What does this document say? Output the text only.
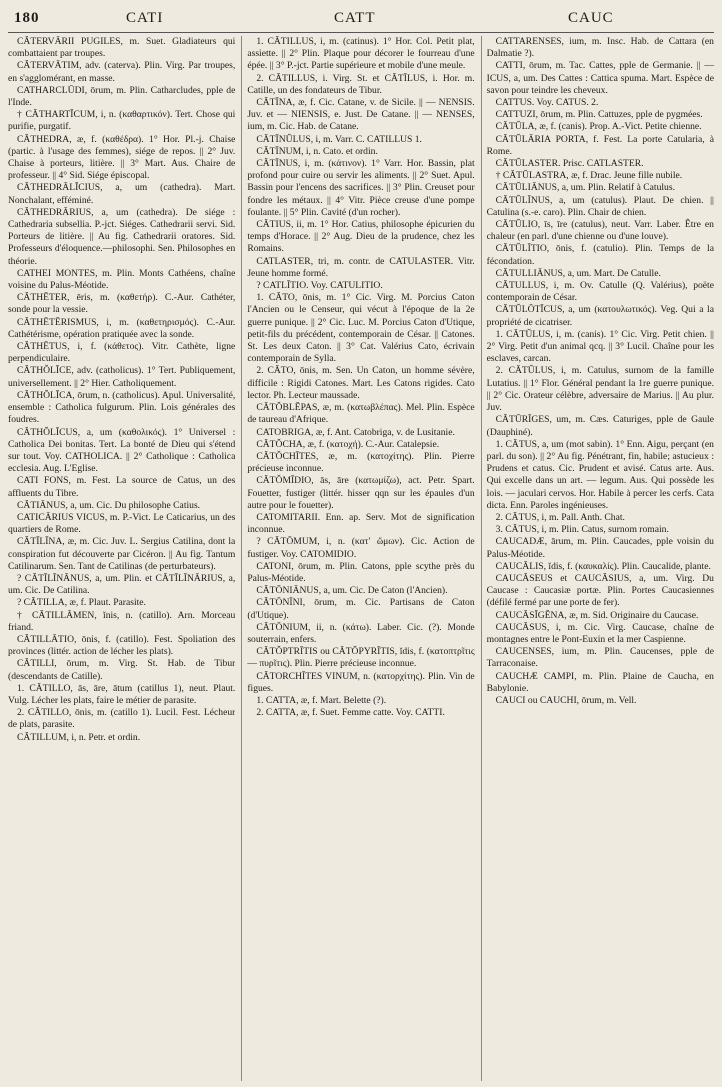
180	CATI	CATT	CAUC

CĂTERVĀRII PUGILES, m. Suet. Gladiateurs qui combattaient par troupes.

CĂTERVĀTIM, adv. (caterva). Plin. Virg. Par troupes, en s'agglomérant, en masse.

CATHARCLŪDI, ōrum, m. Plin. Catharcludes, pple de l'Inde.

† CĂTHARTĬCUM, i, n. (καθαρτικόν). Tert. Chose qui purifie, purgatif.

CĂTHEDRA, æ, f. (καθέδρα). 1° Hor. Pl.-j. Chaise (partic. à l'usage des femmes), siége de repos. || 2° Juv. Chaise à porteurs, litière. || 3° Mart. Aus. Chaire de professeur. || 4° Sid. Siége épiscopal.

CĂTHEDRĀLĬCIUS, a, um (cathedra). Mart. Nonchalant, efféminé.

CĂTHEDRĀRIUS, a, um (cathedra). De siége : Cathedraria subsellia. P.-jct. Siéges. Cathedrarii servi. Sid. Porteurs de litière. || Au fig. Cathedrarii oratores. Sid. Professeurs d'éloquence.—philosophi. Sen. Philosophes en théorie.

CATHEI MONTES, m. Plin. Monts Cathéens, chaîne voisine du Palus-Méotide.

CĂTHĒTER, ēris, m. (καθετήρ). C.-Aur. Cathéter, sonde pour la vessie.

CĂTHĒTĒRISMUS, i, m. (καθετηρισμός). C.-Aur. Cathétérisme, opération pratiquée avec la sonde.

CĂTHĒTUS, i, f. (κάθετος). Vitr. Cathète, ligne perpendiculaire.

CĂTHŎLĬCE, adv. (catholicus). 1° Tert. Publiquement, universellement. || 2° Hier. Catholiquement.

CĂTHŎLĬCA, ōrum, n. (catholicus). Apul. Universalité, ensemble : Catholica fulgurum. Plin. Lois générales des foudres.

CĂTHŎLĬCUS, a, um (καθολικός). 1° Universel : Catholica Dei bonitas. Tert. La bonté de Dieu qui s'étend sur tout. Voy. CATHOLICA. || 2° Catholique : Catholica ecclesia. Aug. L'Eglise.

CATI FONS, m. Fest. La source de Catus, un des affluents du Tibre.

CĂTIĀNUS, a, um. Cic. Du philosophe Catius.

CATICĀRIUS VICUS, m. P.-Vict. Le Caticarius, un des quartiers de Rome.

CĂTĪLĪNA, æ, m. Cic. Juv. L. Sergius Catilina, dont la conspiration fut découverte par Cicéron. || Au fig. Tantum Catilinarum. Sen. Tant de Catilinas (de perturbateurs).

? CĂTĪLĪNĀNUS, a, um. Plin. et CĂTĪLĪNĀRIUS, a, um. Cic. De Catilina.

? CĂTILLA, æ, f. Plaut. Parasite.

† CĂTILLĀMEN, ĭnis, n. (catillo). Arn. Morceau friand.

CĂTILLĀTIO, ōnis, f. (catillo). Fest. Spoliation des provinces (littér. action de lécher les plats).

CĂTILLI, ōrum, m. Virg. St. Hab. de Tibur (descendants de Catille).

1. CĂTILLO, ās, āre, ātum (catillus 1), neut. Plaut. Vulg. Lécher les plats, faire le métier de parasite.

2. CĂTILLO, ōnis, m. (catillo 1). Lucil. Fest. Lécheur de plats, parasite.

CĂTILLUM, i, n. Petr. et ordin.

1. CĂTILLUS, i, m. (catinus). 1° Hor. Col. Petit plat, assiette. || 2° Plin. Plaque pour décorer le fourreau d'une épée. || 3° P.-jct. Partie supérieure et mobile d'une meule.

2. CĂTILLUS, i. Virg. St. et CĂTĪLUS, i. Hor. m. Catille, un des fondateurs de Tibur.

CĂTĪNA, æ, f. Cic. Catane, v. de Sicile. || — NENSIS. Juv. et — NIENSIS, e. Just. De Catane. || — NENSES, ium, m. Cic. Hab. de Catane.

CĂTĪNŬLUS, i, m. Varr. C. CATILLUS 1.

CĂTĪNUM, i, n. Cato. et ordin.

CĂTĪNUS, i, m. (κάτινον). 1° Varr. Hor. Bassin, plat profond pour cuire ou servir les aliments. || 2° Suet. Apul. Bassin pour l'encens des sacrifices. || 3° Plin. Creuset pour fondre les métaux. || 4° Vitr. Pièce creuse d'une pompe foulante. || 5° Plin. Cavité (d'un rocher).

CĂTIUS, ii, m. 1° Hor. Catius, philosophe épicurien du temps d'Horace. || 2° Aug. Dieu de la prudence, chez les Romains.

CATLASTER, tri, m. contr. de CATULASTER. Vitr. Jeune homme formé.

? CATLĪTIO. Voy. CATULITIO.

1. CĂTO, ōnis, m. 1° Cic. Virg. M. Porcius Caton l'Ancien ou le Censeur, qui vécut à l'époque de la 2e guerre punique. || 2° Cic. Luc. M. Porcius Caton d'Utique, petit-fils du précédent, contemporain de César. || Catones. St. Les deux Caton. || 3° Cat. Valérius Cato, écrivain contemporain de Sylla.

2. CĂTO, ōnis, m. Sen. Un Caton, un homme sévère, difficile : Rigidi Catones. Mart. Les Catons rigides. Cato lector. Ph. Lecteur maussade.

CĂTŎBLĔPAS, æ, m. (κατωβλέπας). Mel. Plin. Espèce de taureau d'Afrique.

CATOBRIGA, æ, f. Ant. Catobriga, v. de Lusitanie.

CĂTŎCHA, æ, f. (κατοχή). C.-Aur. Catalepsie.

CĂTŎCHĪTES, æ, m. (κατοχίτης). Plin. Pierre précieuse inconnue.

CĂTŎMĪDIO, ās, āre (κατωμίζω), act. Petr. Spart. Fouetter, fustiger (littér. hisser qqn sur les épaules d'un autre pour le fouetter).

CATOMITARII. Enn. ap. Serv. Mot de signification inconnue.

? CĂTŌMUM, i, n. (κατ' ὤμων). Cic. Action de fustiger. Voy. CATOMIDIO.

CATONI, ōrum, m. Plin. Catons, pple scythe près du Palus-Méotide.

CĂTŌNIĀNUS, a, um. Cic. De Caton (l'Ancien).

CĂTŌNĪNI, ōrum, m. Cic. Partisans de Caton (d'Utique).

CĂTŌNIUM, ii, n. (κάτω). Laber. Cic. (?). Monde souterrain, enfers.

CĂTŎPTRĪTIS ou CĂTŎPYRĪTIS, ĭdis, f. (κατοπτρῖτις — πυρῖτις). Plin. Pierre précieuse inconnue.

CĂTORCHĪTES VINUM, n. (κατορχίτης). Plin. Vin de figues.

1. CATTA, æ, f. Mart. Belette (?).

2. CATTA, æ, f. Suet. Femme catte. Voy. CATTI.

CATTARENSES, ium, m. Insc. Hab. de Cattara (en Dalmatie ?).

CATTI, ōrum, m. Tac. Cattes, pple de Germanie. || — ICUS, a, um. Des Cattes : Cattica spuma. Mart. Espèce de savon pour teindre les cheveux.

CATTUS. Voy. CATUS. 2.

CATTUZI, ōrum, m. Plin. Cattuzes, pple de pygmées.

CĂTŬLA, æ, f. (canis). Prop. A.-Vict. Petite chienne.

CĂTŬLĀRIA PORTA, f. Fest. La porte Catularia, à Rome.

CĂTŬLASTER. Prisc. CATLASTER.

† CĂTŬLASTRA, æ, f. Drac. Jeune fille nubile.

CĂTŬLIĀNUS, a, um. Plin. Relatif à Catulus.

CĂTŬLĪNUS, a, um (catulus). Plaut. De chien. || Catulina (s.-e. caro). Plin. Chair de chien.

CĂTŬLIO, īs, īre (catulus), neut. Varr. Laber. Être en chaleur (en parl. d'une chienne ou d'une louve).

CĂTŬLĪTIO, ōnis, f. (catulio). Plin. Temps de la fécondation.

CĂTULLIĀNUS, a, um. Mart. De Catulle.

CĂTULLUS, i, m. Ov. Catulle (Q. Valérius), poëte contemporain de César.

CĂTŬLŌTĬCUS, a, um (κατουλωτικός). Veg. Qui a la propriété de cicatriser.

1. CĂTŬLUS, i, m. (canis). 1° Cic. Virg. Petit chien. || 2° Virg. Petit d'un animal qcq. || 3° Lucil. Chaîne pour les esclaves, carcan.

2. CĂTŬLUS, i, m. Catulus, surnom de la famille Lutatius. || 1° Flor. Général pendant la 1re guerre punique. || 2° Cic. Orateur célèbre, adversaire de Marius. || Au plur. Juv.

CĂTŪRĪGES, um, m. Cæs. Caturiges, pple de Gaule (Dauphiné).

1. CĂTUS, a, um (mot sabin). 1° Enn. Aigu, perçant (en parl. du son). || 2° Au fig. Pénétrant, fin, habile; astucieux : Prudens et catus. Cic. Prudent et avisé. Catus arte. Aus. Qui excelle dans un art. — legum. Aus. Qui possède les lois. — jaculari cervos. Hor. Habile à percer les cerfs. Cata dicta. Enn. Paroles ingénieuses.

2. CĂTUS, i, m. Pall. Anth. Chat.

3. CĂTUS, i, m. Plin. Catus, surnom romain.

CAUCADÆ, ārum, m. Plin. Caucades, pple voisin du Palus-Méotide.

CAUCĂLIS, ĭdis, f. (καυκαλίς). Plin. Caucalide, plante.

CAUCĂSEUS et CAUCĂSIUS, a, um. Virg. Du Caucase : Caucasiæ portæ. Plin. Portes Caucasiennes (défilé fermé par une porte de fer).

CAUCĂSĬGĔNA, æ, m. Sid. Originaire du Caucase.

CAUCĂSUS, i, m. Cic. Virg. Caucase, chaîne de montagnes entre le Pont-Euxin et la mer Caspienne.

CAUCENSES, ium, m. Plin. Caucenses, pple de Tarraconaise.

CAUCHÆ CAMPI, m. Plin. Plaine de Caucha, en Babylonie.

CAUCI ou CAUCHI, ōrum, m. Vell.
